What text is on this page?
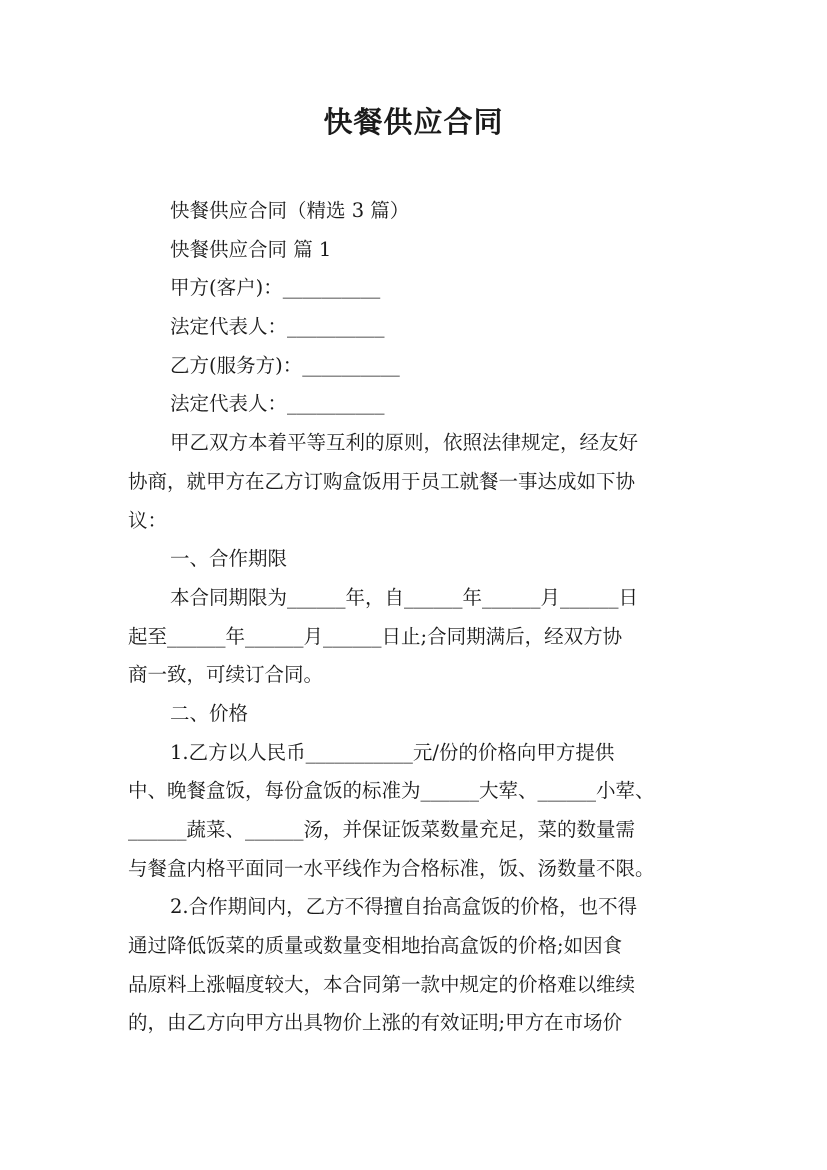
快餐供应合同
快餐供应合同（精选 3 篇）
快餐供应合同 篇 1
甲方(客户)：__________
法定代表人：__________
乙方(服务方)：__________
法定代表人：__________
甲乙双方本着平等互利的原则，依照法律规定，经友好
协商，就甲方在乙方订购盒饭用于员工就餐一事达成如下协
议：
一、合作期限
本合同期限为______年，自______年______月______日
起至______年______月______日止;合同期满后，经双方协
商一致，可续订合同。
二、价格
1.乙方以人民币___________元/份的价格向甲方提供
中、晚餐盒饭，每份盒饭的标准为______大荤、______小荤、
______蔬菜、______汤，并保证饭菜数量充足，菜的数量需
与餐盒内格平面同一水平线作为合格标准，饭、汤数量不限。
2.合作期间内，乙方不得擅自抬高盒饭的价格，也不得
通过降低饭菜的质量或数量变相地抬高盒饭的价格;如因食
品原料上涨幅度较大，本合同第一款中规定的价格难以维续
的，由乙方向甲方出具物价上涨的有效证明;甲方在市场价
